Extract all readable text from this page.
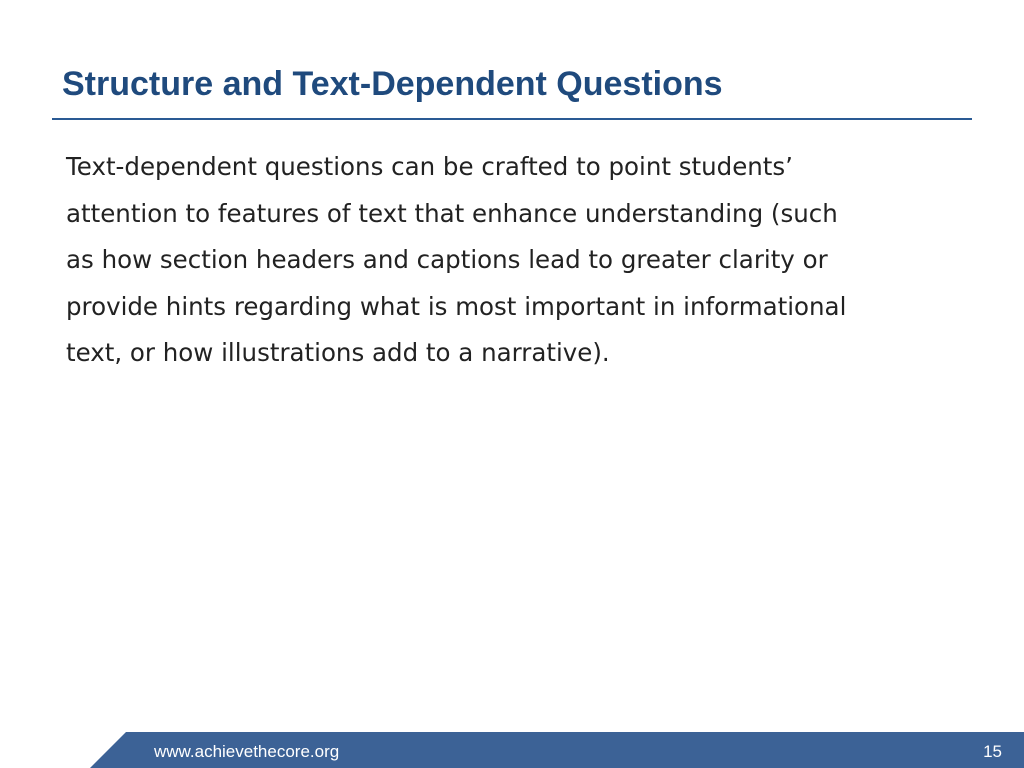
Structure and Text-Dependent Questions

Text-dependent questions can be crafted to point students’
attention to features of text that enhance understanding (such
as how section headers and captions lead to greater clarity or
provide hints regarding what is most important in informational
text, or how illustrations add to a narrative).

www.achievethecore.org	15
